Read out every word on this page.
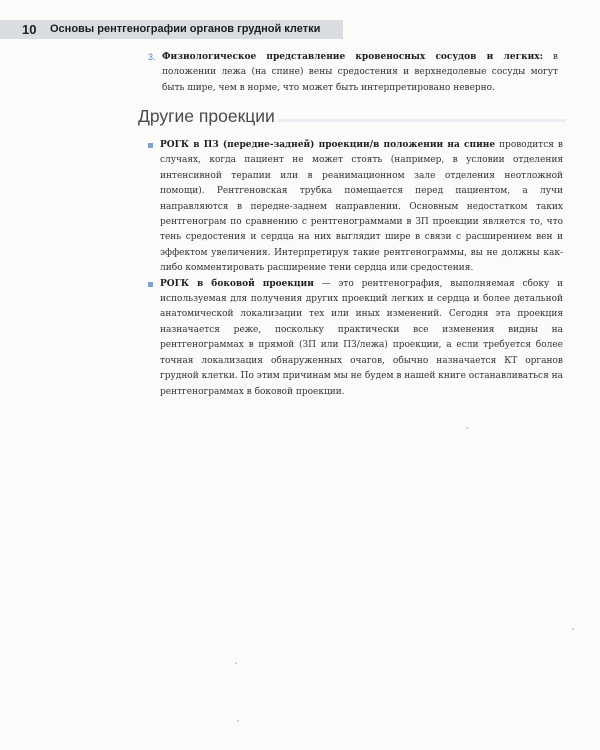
10 Основы рентгенографии органов грудной клетки
3. Физиологическое представление кровеносных сосудов и легких: в положении лежа (на спине) вены средостения и верхнедолевые сосуды могут быть шире, чем в норме, что может быть интерпретировано неверно.
Другие проекции
РОГК в ПЗ (передне-задней) проекции/в положении на спине проводится в случаях, когда пациент не может стоять (например, в условии отделения интенсивной терапии или в реанимационном зале отделения неотложной помощи). Рентгеновская трубка помещается перед пациентом, а лучи направляются в передне-заднем направлении. Основным недостатком таких рентгенограм по сравнению с рентгенограммами в ЗП проекции является то, что тень средостения и сердца на них выглядит шире в связи с расширением вен и эффектом увеличения. Интерпретируя такие рентгенограммы, вы не должны как-либо комментировать расширение тени сердца или средостения.
РОГК в боковой проекции — это рентгенография, выполняемая сбоку и используемая для получения других проекций легких и сердца и более детальной анатомической локализации тех или иных изменений. Сегодня эта проекция назначается реже, поскольку практически все изменения видны на рентгенограммах в прямой (ЗП или ПЗ/лежа) проекции, а если требуется более точная локализация обнаруженных очагов, обычно назначается КТ органов грудной клетки. По этим причинам мы не будем в нашей книге останавливаться на рентгенограммах в боковой проекции.
